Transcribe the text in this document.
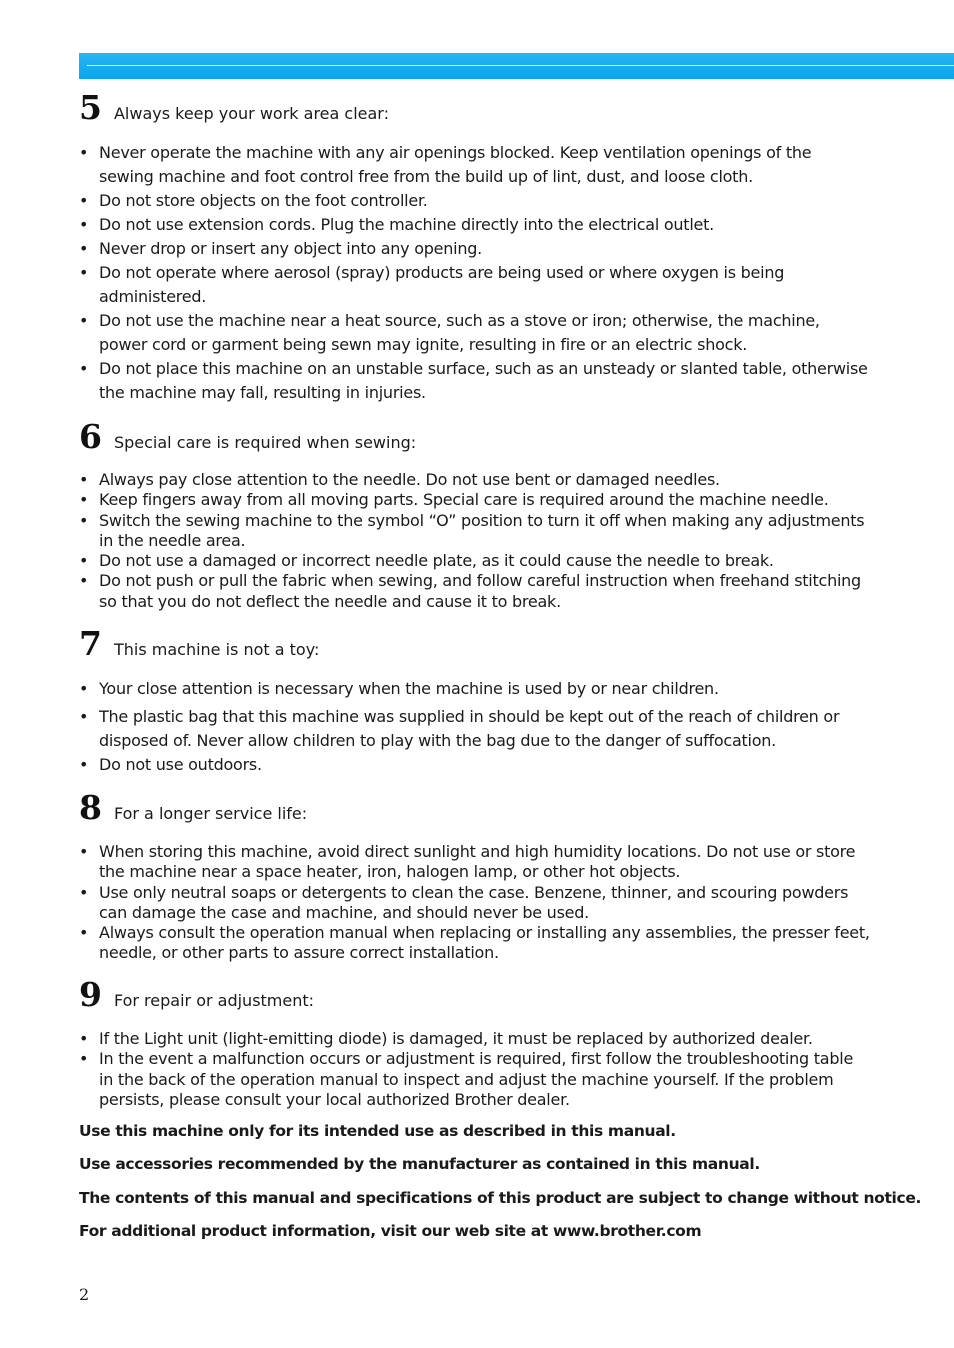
5 Always keep your work area clear:
• Never operate the machine with any air openings blocked. Keep ventilation openings of the
sewing machine and foot control free from the build up of lint, dust, and loose cloth.
• Do not store objects on the foot controller.
• Do not use extension cords. Plug the machine directly into the electrical outlet.
• Never drop or insert any object into any opening.
• Do not operate where aerosol (spray) products are being used or where oxygen is being
administered.
• Do not use the machine near a heat source, such as a stove or iron; otherwise, the machine,
power cord or garment being sewn may ignite, resulting in fire or an electric shock.
• Do not place this machine on an unstable surface, such as an unsteady or slanted table, otherwise
the machine may fall, resulting in injuries.
6 Special care is required when sewing:
• Always pay close attention to the needle. Do not use bent or damaged needles.
• Keep fingers away from all moving parts. Special care is required around the machine needle.
• Switch the sewing machine to the symbol “O” position to turn it off when making any adjustments
in the needle area.
• Do not use a damaged or incorrect needle plate, as it could cause the needle to break.
• Do not push or pull the fabric when sewing, and follow careful instruction when freehand stitching
so that you do not deflect the needle and cause it to break.
7 This machine is not a toy:
• Your close attention is necessary when the machine is used by or near children.
• The plastic bag that this machine was supplied in should be kept out of the reach of children or
disposed of. Never allow children to play with the bag due to the danger of suffocation.
• Do not use outdoors.
8 For a longer service life:
• When storing this machine, avoid direct sunlight and high humidity locations. Do not use or store
the machine near a space heater, iron, halogen lamp, or other hot objects.
• Use only neutral soaps or detergents to clean the case. Benzene, thinner, and scouring powders
can damage the case and machine, and should never be used.
• Always consult the operation manual when replacing or installing any assemblies, the presser feet,
needle, or other parts to assure correct installation.
9 For repair or adjustment:
• If the Light unit (light-emitting diode) is damaged, it must be replaced by authorized dealer.
• In the event a malfunction occurs or adjustment is required, first follow the troubleshooting table
in the back of the operation manual to inspect and adjust the machine yourself. If the problem
persists, please consult your local authorized Brother dealer.
Use this machine only for its intended use as described in this manual.
Use accessories recommended by the manufacturer as contained in this manual.
The contents of this manual and specifications of this product are subject to change without notice.
For additional product information, visit our web site at www.brother.com
2
